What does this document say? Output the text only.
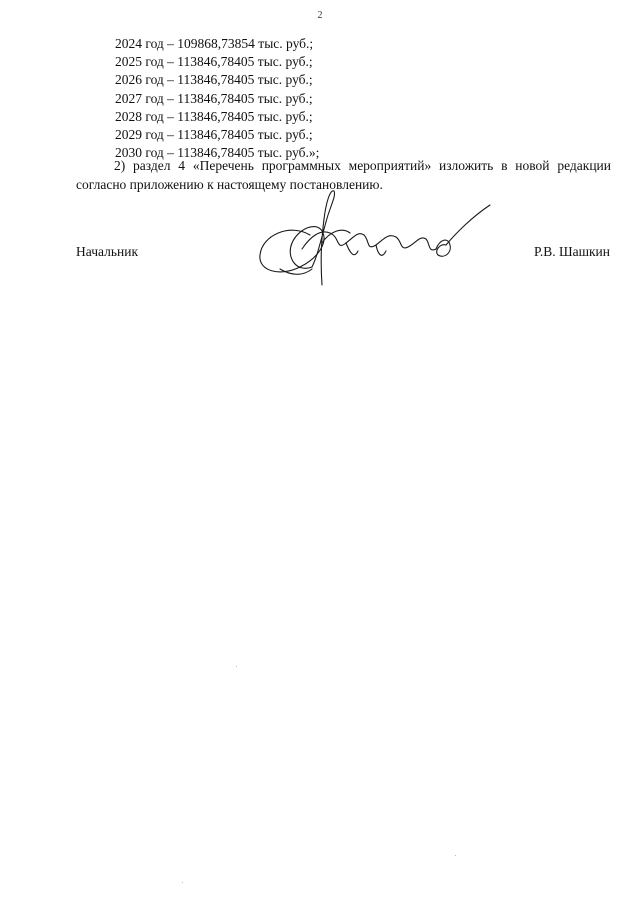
2
2024 год – 109868,73854 тыс. руб.;
2025 год – 113846,78405 тыс. руб.;
2026 год – 113846,78405 тыс. руб.;
2027 год – 113846,78405 тыс. руб.;
2028 год – 113846,78405 тыс. руб.;
2029 год – 113846,78405 тыс. руб.;
2030 год – 113846,78405 тыс. руб.»;

2) раздел 4 «Перечень программных мероприятий» изложить в новой редакции согласно приложению к настоящему постановлению.

Начальник	Р.В. Шашкин
